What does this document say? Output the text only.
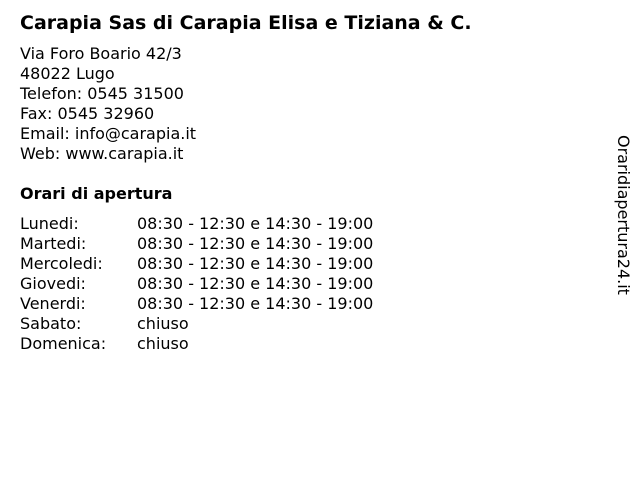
Carapia Sas di Carapia Elisa e Tiziana & C.
Via Foro Boario 42/3
48022 Lugo
Telefon: 0545 31500
Fax: 0545 32960
Email: info@carapia.it
Web: www.carapia.it
Orari di apertura
Lunedi:	08:30 - 12:30 e 14:30 - 19:00
Martedi:	08:30 - 12:30 e 14:30 - 19:00
Mercoledi: 08:30 - 12:30 e 14:30 - 19:00
Giovedi:	08:30 - 12:30 e 14:30 - 19:00
Venerdi:	08:30 - 12:30 e 14:30 - 19:00
Sabato:	chiuso
Domenica: chiuso
Oraridiapertura24.it
